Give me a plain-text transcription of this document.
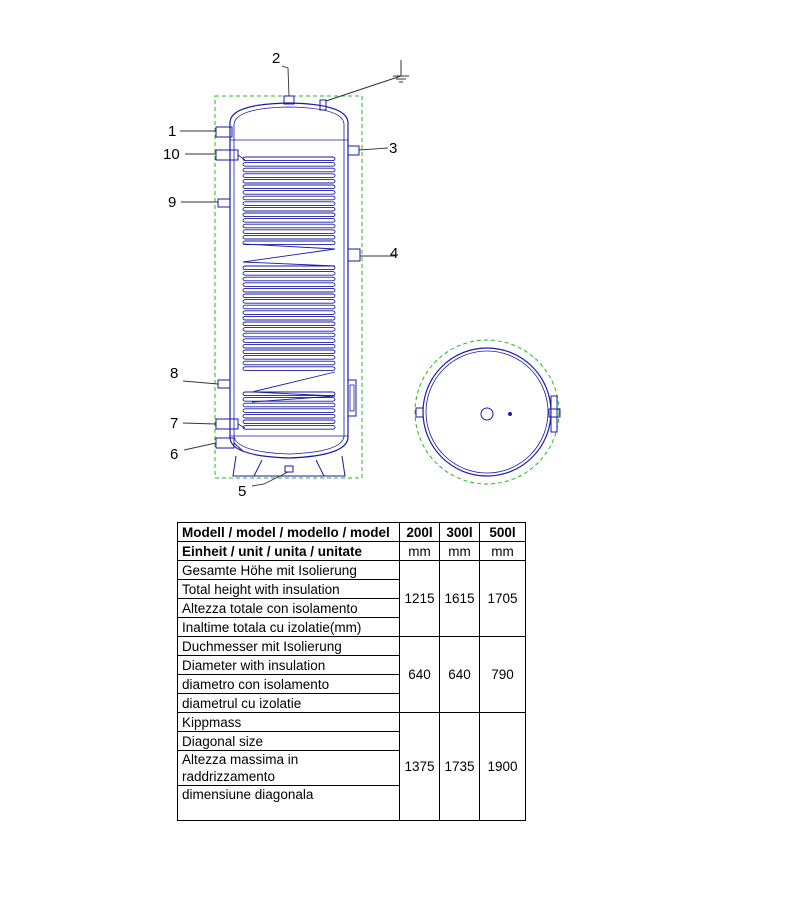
1
10
9
8
7
6
2
3
4
5
Modell / model / modello / model	200l	300l	500l
Einheit / unit / unita / unitate	mm	mm	mm
Gesamte Höhe mit Isolierung	1215	1615	1705
Total height with insulation			
Altezza totale con isolamento			
Inaltime totala cu izolatie(mm)			
Duchmesser mit Isolierung	640	640	790
Diameter with insulation			
diametro con isolamento			
diametrul cu izolatie			
Kippmass	1375	1735	1900
Diagonal size			
Altezza massima in
raddrizzamento			
dimensiune diagonala			
